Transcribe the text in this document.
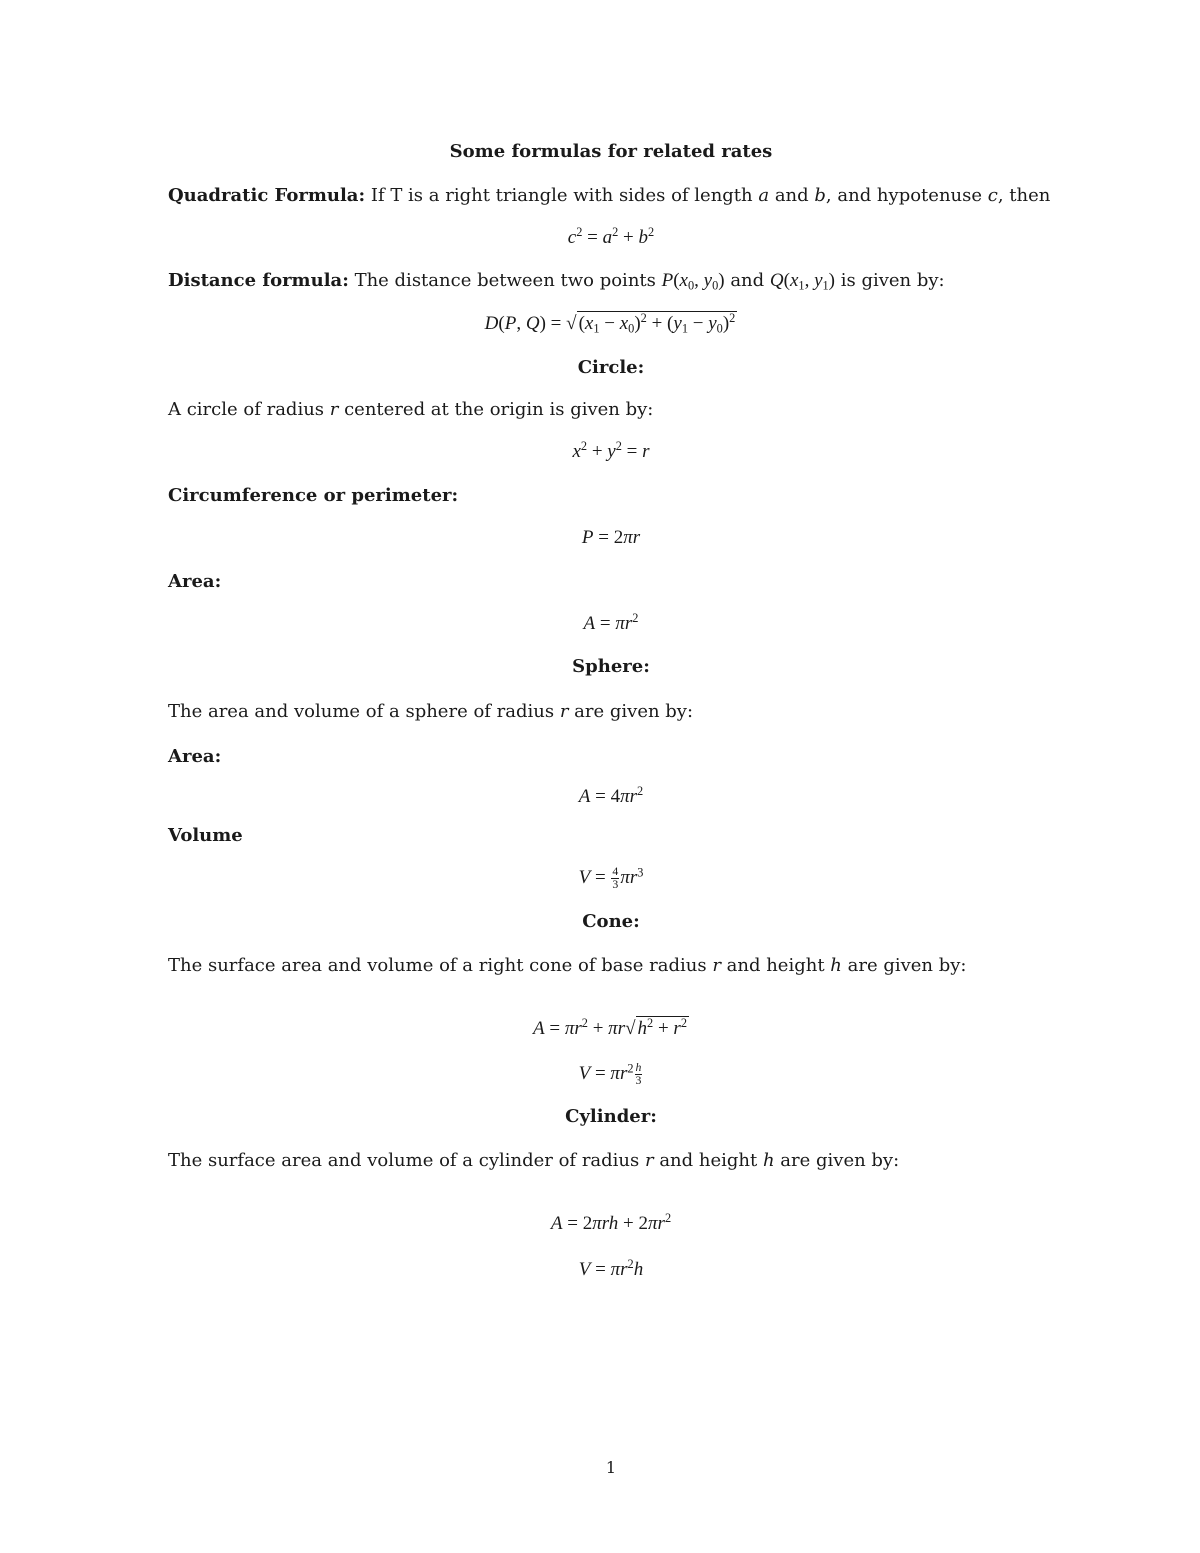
Some formulas for related rates
Quadratic Formula: If T is a right triangle with sides of length a and b, and hypotenuse c, then
$c^2 = a^2 + b^2$
Distance formula: The distance between two points $P(x_0$, $y_0$) and $Q(x_1$, $y_1$) is given by:
D(P, Q) = √ $(x_1 - x_0)^2 + (y_1 - y_0)^2$
Circle:
A circle of radius r centered at the origin is given by:
$x^2 + y^2 = r$
Circumference or perimeter:
P = 2πr
Area:
$A = \pi r^2$
Sphere:
The area and volume of a sphere of radius r are given by:
Area:
$A = 4\pi r^2$
Volume
$V = \frac{4}{3} \pi r^3$
Cone:
The surface area and volume of a right cone of base radius r and height h are given by:
$A = \pi r^2 + \pi r√$ $h^2 + r^2$
$V = \pi r^2 \frac{h}{3}$
Cylinder:
The surface area and volume of a cylinder of radius r and height h are given by:
$A = 2\pi rh + 2\pi r^2$
$V = \pi r^2h$
1
